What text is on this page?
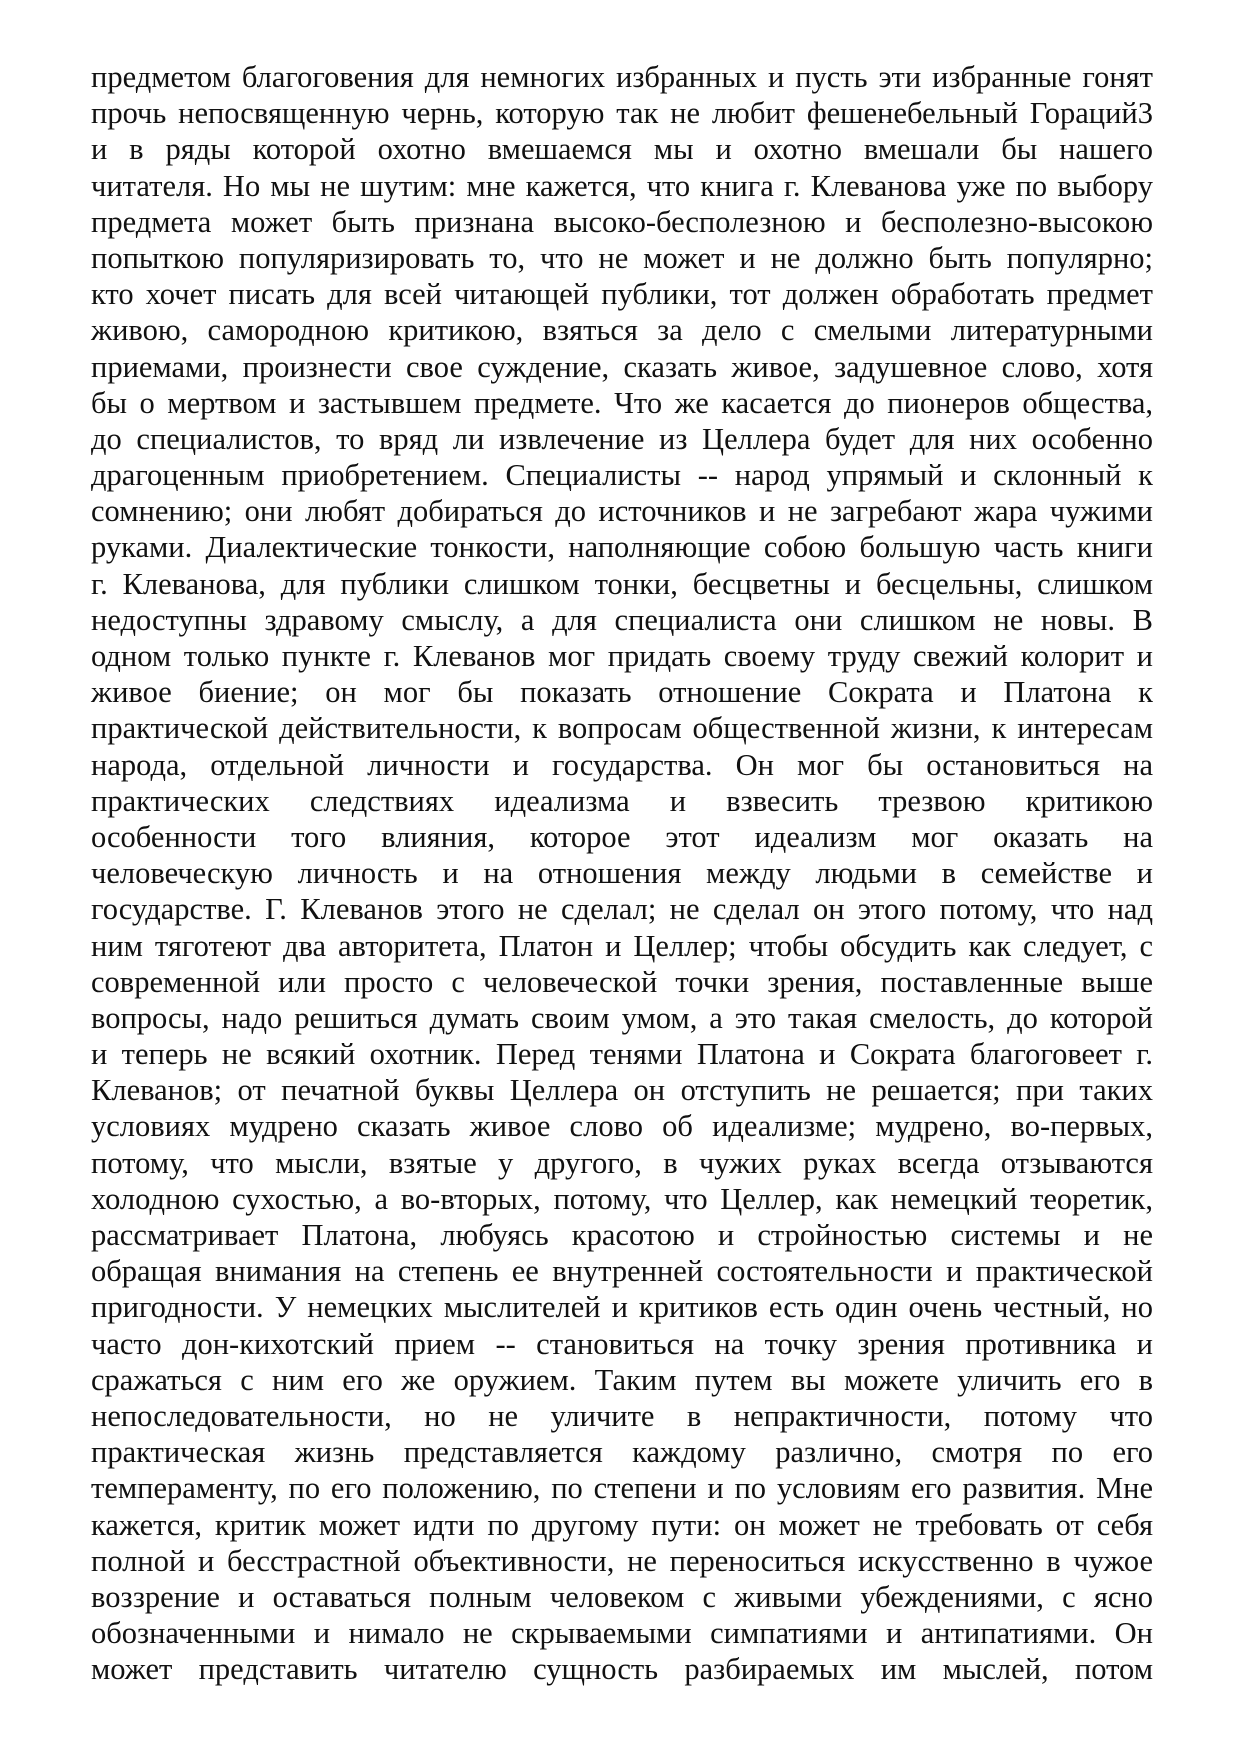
предметом благоговения для немногих избранных и пусть эти избранные гонят
прочь непосвященную чернь, которую так не любит фешенебельный Гораций3
и в ряды которой охотно вмешаемся мы и охотно вмешали бы нашего
читателя. Но мы не шутим: мне кажется, что книга г. Клеванова уже по выбору
предмета может быть признана высоко-бесполезною и бесполезно-высокою
попыткою популяризировать то, что не может и не должно быть популярно;
кто хочет писать для всей читающей публики, тот должен обработать предмет
живою, самородною критикою, взяться за дело с смелыми литературными
приемами, произнести свое суждение, сказать живое, задушевное слово, хотя
бы о мертвом и застывшем предмете. Что же касается до пионеров общества,
до специалистов, то вряд ли извлечение из Целлера будет для них особенно
драгоценным приобретением. Специалисты -- народ упрямый и склонный к
сомнению; они любят добираться до источников и не загребают жара чужими
руками. Диалектические тонкости, наполняющие собою большую часть книги
г. Клеванова, для публики слишком тонки, бесцветны и бесцельны, слишком
недоступны здравому смыслу, а для специалиста они слишком не новы. В
одном только пункте г. Клеванов мог придать своему труду свежий колорит и
живое биение; он мог бы показать отношение Сократа и Платона к
практической действительности, к вопросам общественной жизни, к интересам
народа, отдельной личности и государства. Он мог бы остановиться на
практических следствиях идеализма и взвесить трезвою критикою
особенности того влияния, которое этот идеализм мог оказать на
человеческую личность и на отношения между людьми в семействе и
государстве. Г. Клеванов этого не сделал; не сделал он этого потому, что над
ним тяготеют два авторитета, Платон и Целлер; чтобы обсудить как следует, с
современной или просто с человеческой точки зрения, поставленные выше
вопросы, надо решиться думать своим умом, а это такая смелость, до которой
и теперь не всякий охотник. Перед тенями Платона и Сократа благоговеет г.
Клеванов; от печатной буквы Целлера он отступить не решается; при таких
условиях мудрено сказать живое слово об идеализме; мудрено, во-первых,
потому, что мысли, взятые у другого, в чужих руках всегда отзываются
холодною сухостью, а во-вторых, потому, что Целлер, как немецкий теоретик,
рассматривает Платона, любуясь красотою и стройностью системы и не
обращая внимания на степень ее внутренней состоятельности и практической
пригодности. У немецких мыслителей и критиков есть один очень честный, но
часто дон-кихотский прием -- становиться на точку зрения противника и
сражаться с ним его же оружием. Таким путем вы можете уличить его в
непоследовательности, но не уличите в непрактичности, потому что
практическая жизнь представляется каждому различно, смотря по его
темпераменту, по его положению, по степени и по условиям его развития. Мне
кажется, критик может идти по другому пути: он может не требовать от себя
полной и бесстрастной объективности, не переноситься искусственно в чужое
воззрение и оставаться полным человеком с живыми убеждениями, с ясно
обозначенными и нимало не скрываемыми симпатиями и антипатиями. Он
может представить читателю сущность разбираемых им мыслей, потом
